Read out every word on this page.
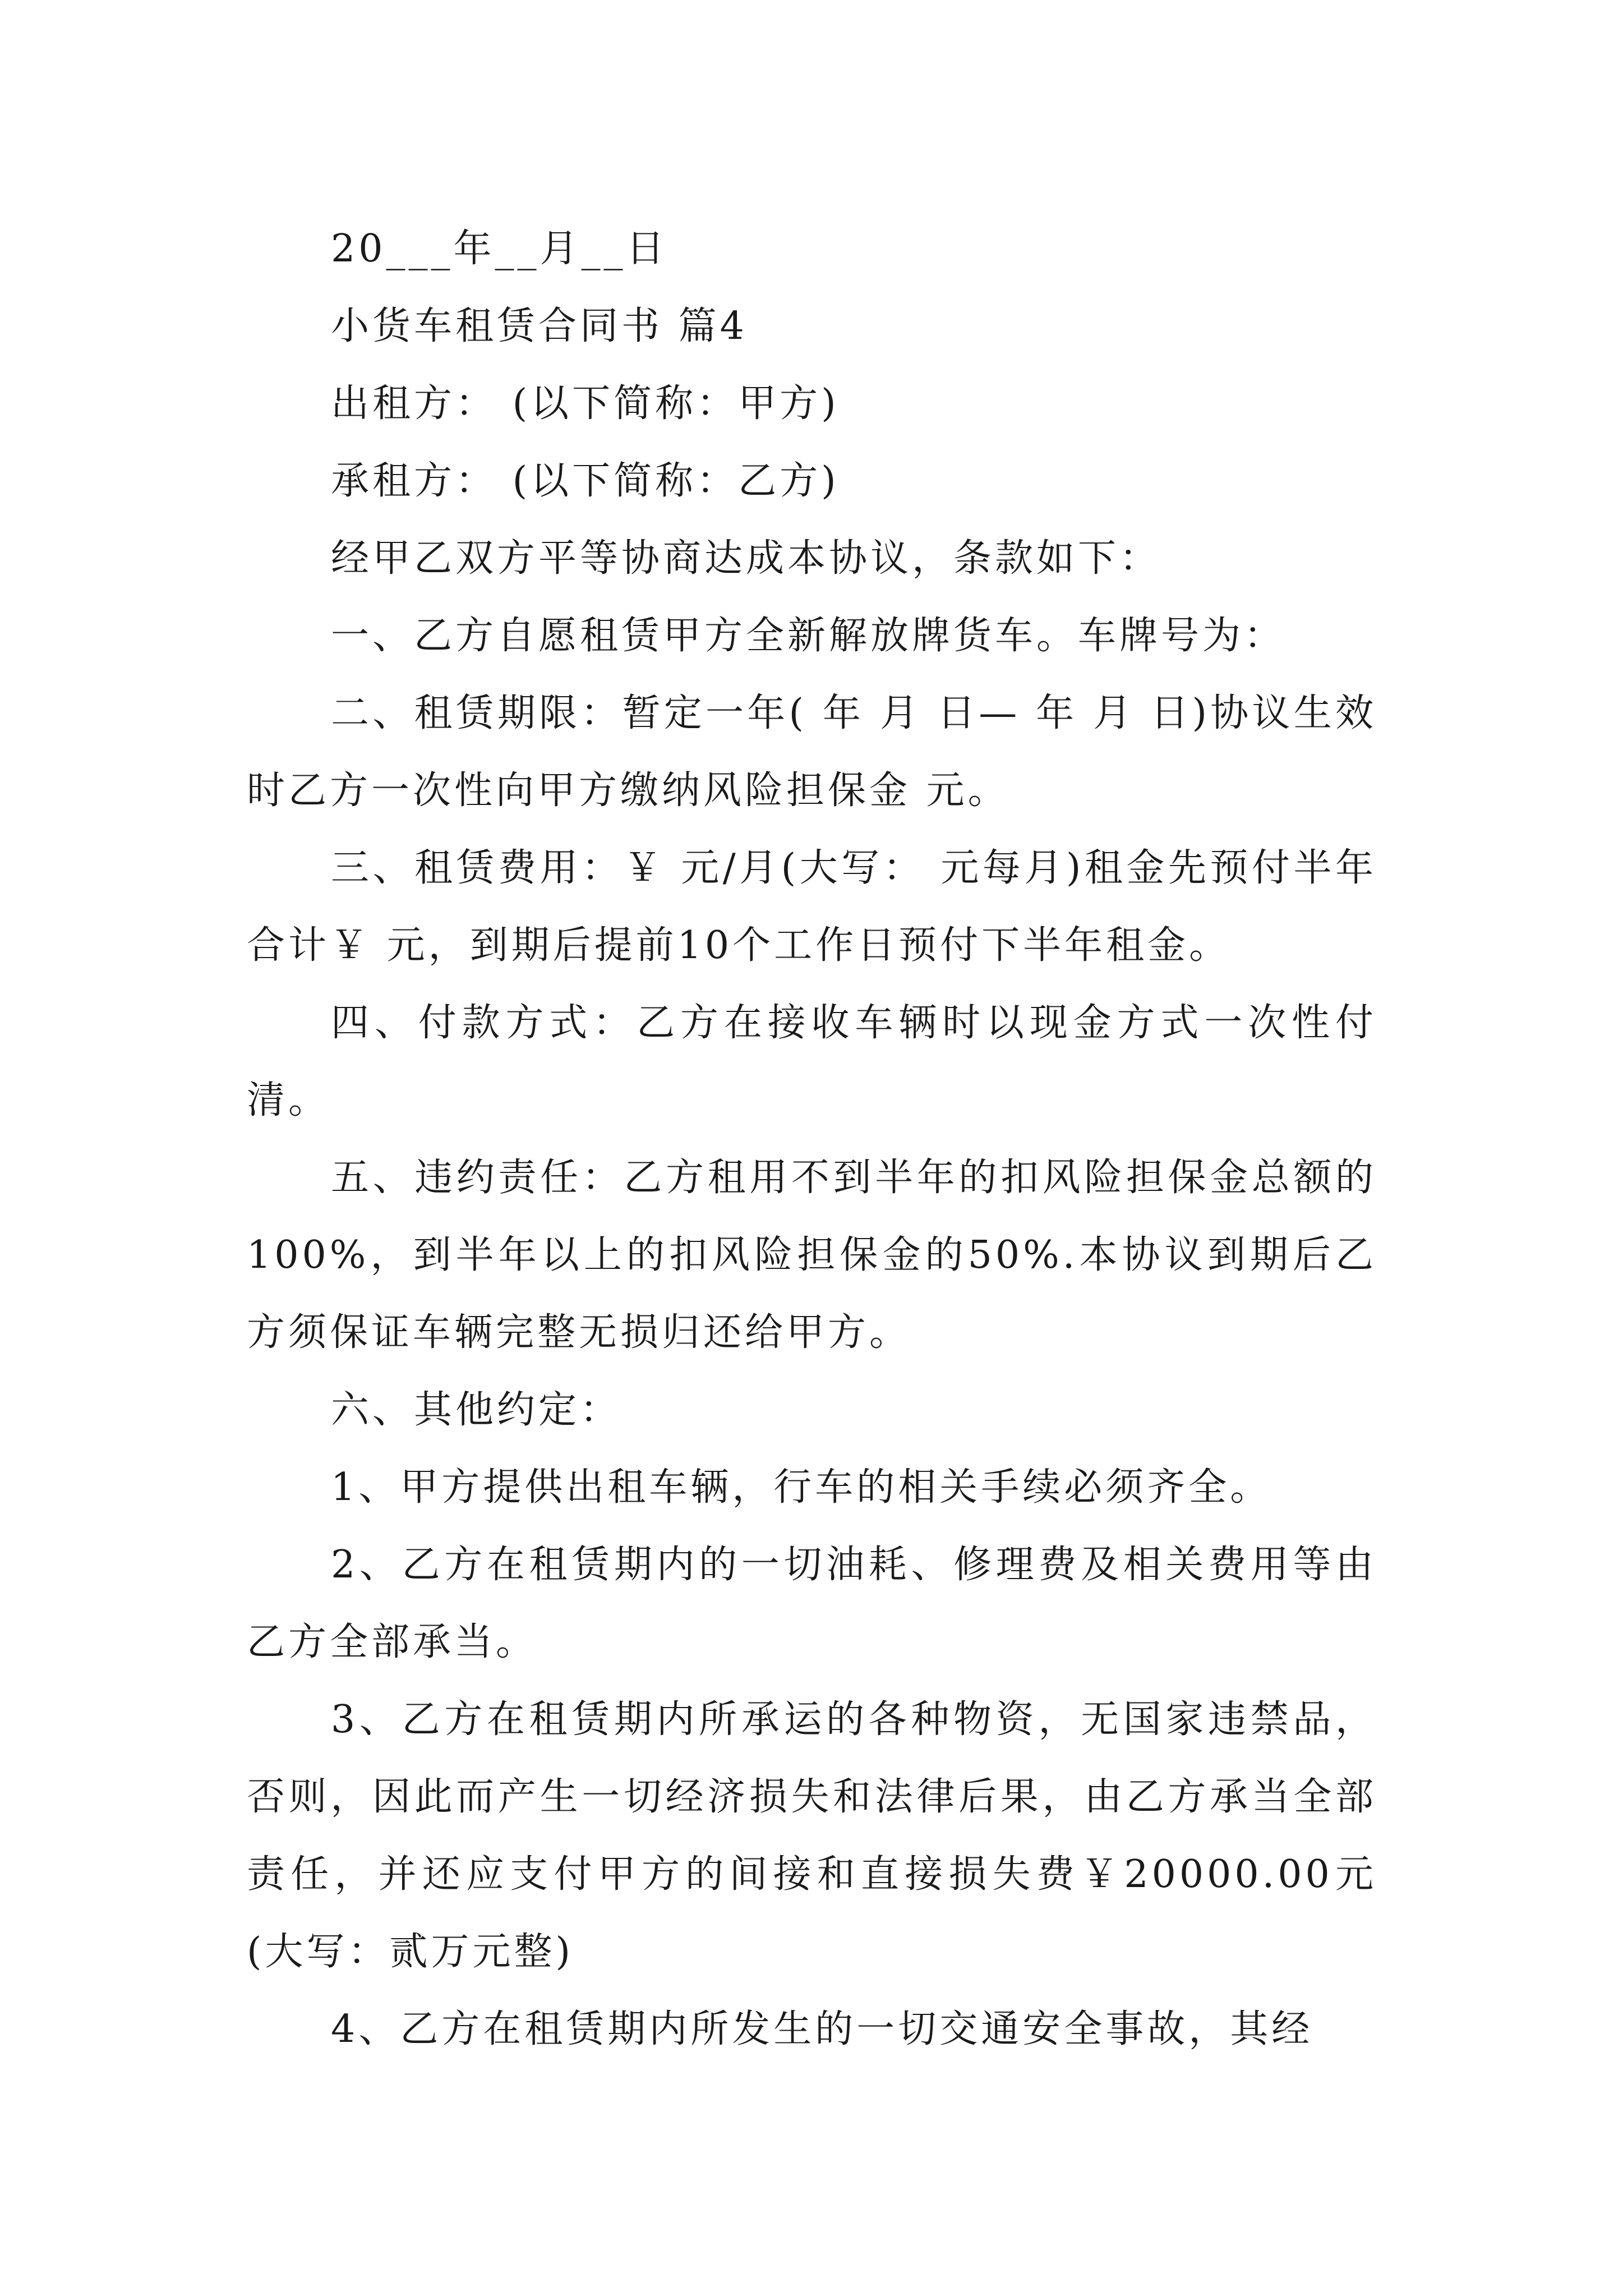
20___年__月__日

小货车租赁合同书 篇4

出租方： (以下简称：甲方)

承租方： (以下简称：乙方)

经甲乙双方平等协商达成本协议，条款如下：

一、乙方自愿租赁甲方全新解放牌货车。车牌号为：

二、租赁期限：暂定一年( 年 月 日— 年 月 日)协议生效时乙方一次性向甲方缴纳风险担保金 元。

三、租赁费用：￥ 元/月(大写： 元每月)租金先预付半年合计￥ 元，到期后提前10个工作日预付下半年租金。

四、付款方式：乙方在接收车辆时以现金方式一次性付清。

五、违约责任：乙方租用不到半年的扣风险担保金总额的100%，到半年以上的扣风险担保金的50%.本协议到期后乙方须保证车辆完整无损归还给甲方。

六、其他约定：

1、甲方提供出租车辆，行车的相关手续必须齐全。

2、乙方在租赁期内的一切油耗、修理费及相关费用等由乙方全部承当。

3、乙方在租赁期内所承运的各种物资，无国家违禁品，否则，因此而产生一切经济损失和法律后果，由乙方承当全部责任，并还应支付甲方的间接和直接损失费￥20000.00元(大写：贰万元整)

4、乙方在租赁期内所发生的一切交通安全事故，其经
